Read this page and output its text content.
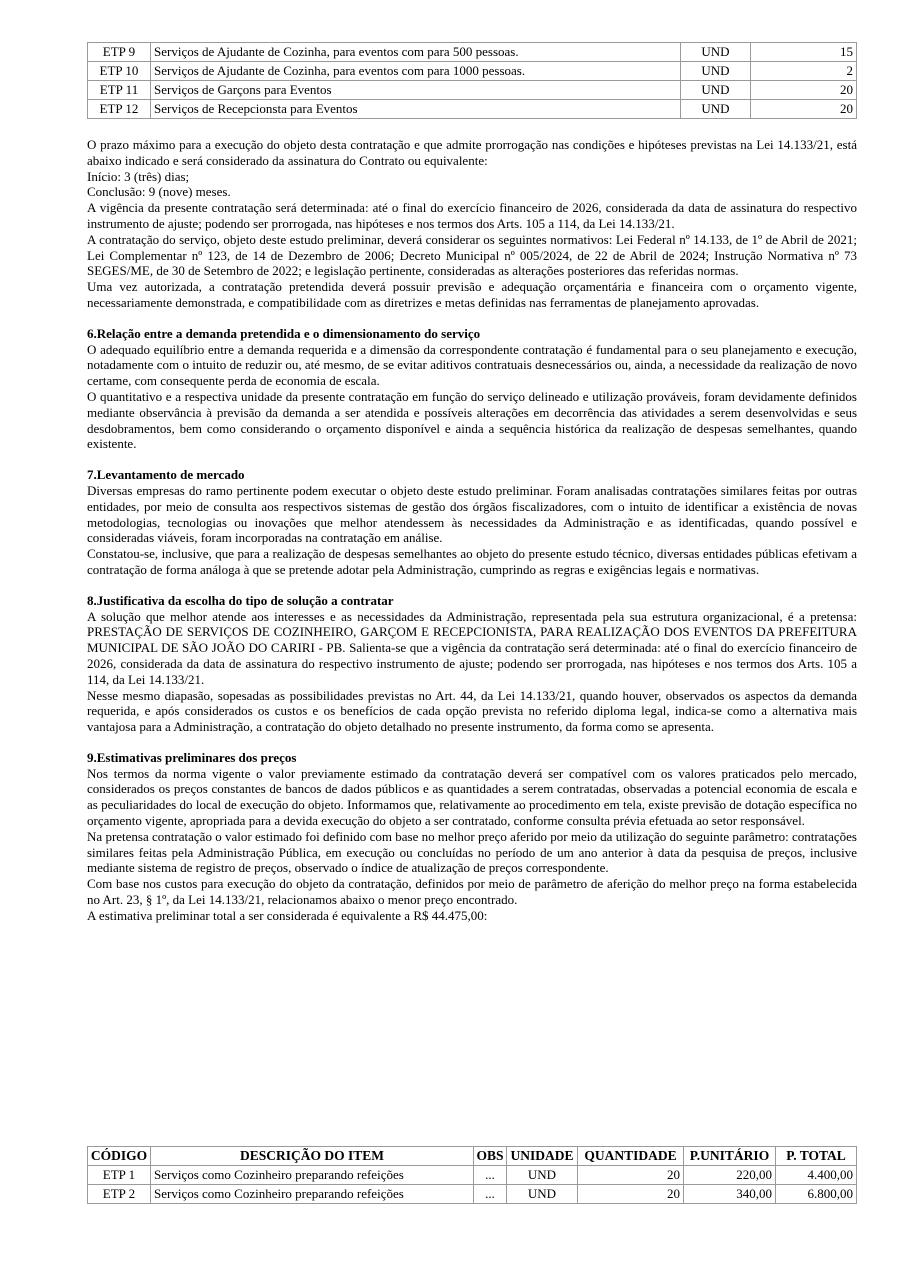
ETP 9	Serviços de Ajudante de Cozinha, para eventos com para 500 pessoas.	UND	15
ETP 10	Serviços de Ajudante de Cozinha, para eventos com para 1000 pessoas.	UND	2
ETP 11	Serviços de Garçons para Eventos	UND	20
ETP 12	Serviços de Recepcionsta para Eventos	UND	20

O prazo máximo para a execução do objeto desta contratação e que admite prorrogação nas condições e hipóteses previstas na Lei 14.133/21, está abaixo indicado e será considerado da assinatura do Contrato ou equivalente:

Início: 3 (três) dias;

Conclusão: 9 (nove) meses.

A vigência da presente contratação será determinada: até o final do exercício financeiro de 2026, considerada da data de assinatura do respectivo instrumento de ajuste; podendo ser prorrogada, nas hipóteses e nos termos dos Arts. 105 a 114, da Lei 14.133/21.

A contratação do serviço, objeto deste estudo preliminar, deverá considerar os seguintes normativos: Lei Federal nº 14.133, de 1º de Abril de 2021; Lei Complementar nº 123, de 14 de Dezembro de 2006; Decreto Municipal nº 005/2024, de 22 de Abril de 2024; Instrução Normativa nº 73 SEGES/ME, de 30 de Setembro de 2022; e legislação pertinente, consideradas as alterações posteriores das referidas normas.

Uma vez autorizada, a contratação pretendida deverá possuir previsão e adequação orçamentária e financeira com o orçamento vigente, necessariamente demonstrada, e compatibilidade com as diretrizes e metas definidas nas ferramentas de planejamento aprovadas.

6.Relação entre a demanda pretendida e o dimensionamento do serviço

O adequado equilíbrio entre a demanda requerida e a dimensão da correspondente contratação é fundamental para o seu planejamento e execução, notadamente com o intuito de reduzir ou, até mesmo, de se evitar aditivos contratuais desnecessários ou, ainda, a necessidade da realização de novo certame, com consequente perda de economia de escala.

O quantitativo e a respectiva unidade da presente contratação em função do serviço delineado e utilização prováveis, foram devidamente definidos mediante observância à previsão da demanda a ser atendida e possíveis alterações em decorrência das atividades a serem desenvolvidas e seus desdobramentos, bem como considerando o orçamento disponível e ainda a sequência histórica da realização de despesas semelhantes, quando existente.

7.Levantamento de mercado

Diversas empresas do ramo pertinente podem executar o objeto deste estudo preliminar. Foram analisadas contratações similares feitas por outras entidades, por meio de consulta aos respectivos sistemas de gestão dos órgãos fiscalizadores, com o intuito de identificar a existência de novas metodologias, tecnologias ou inovações que melhor atendessem às necessidades da Administração e as identificadas, quando possível e consideradas viáveis, foram incorporadas na contratação em análise.

Constatou-se, inclusive, que para a realização de despesas semelhantes ao objeto do presente estudo técnico, diversas entidades públicas efetivam a contratação de forma análoga à que se pretende adotar pela Administração, cumprindo as regras e exigências legais e normativas.

8.Justificativa da escolha do tipo de solução a contratar

A solução que melhor atende aos interesses e as necessidades da Administração, representada pela sua estrutura organizacional, é a pretensa: PRESTAÇÃO DE SERVIÇOS DE COZINHEIRO, GARÇOM E RECEPCIONISTA, PARA REALIZAÇÃO DOS EVENTOS DA PREFEITURA MUNICIPAL DE SÃO JOÃO DO CARIRI - PB. Salienta-se que a vigência da contratação será determinada: até o final do exercício financeiro de 2026, considerada da data de assinatura do respectivo instrumento de ajuste; podendo ser prorrogada, nas hipóteses e nos termos dos Arts. 105 a 114, da Lei 14.133/21.

Nesse mesmo diapasão, sopesadas as possibilidades previstas no Art. 44, da Lei 14.133/21, quando houver, observados os aspectos da demanda requerida, e após considerados os custos e os benefícios de cada opção prevista no referido diploma legal, indica-se como a alternativa mais vantajosa para a Administração, a contratação do objeto detalhado no presente instrumento, da forma como se apresenta.

9.Estimativas preliminares dos preços

Nos termos da norma vigente o valor previamente estimado da contratação deverá ser compatível com os valores praticados pelo mercado, considerados os preços constantes de bancos de dados públicos e as quantidades a serem contratadas, observadas a potencial economia de escala e as peculiaridades do local de execução do objeto. Informamos que, relativamente ao procedimento em tela, existe previsão de dotação específica no orçamento vigente, apropriada para a devida execução do objeto a ser contratado, conforme consulta prévia efetuada ao setor responsável.

Na pretensa contratação o valor estimado foi definido com base no melhor preço aferido por meio da utilização do seguinte parâmetro: contratações similares feitas pela Administração Pública, em execução ou concluídas no período de um ano anterior à data da pesquisa de preços, inclusive mediante sistema de registro de preços, observado o índice de atualização de preços correspondente.

Com base nos custos para execução do objeto da contratação, definidos por meio de parâmetro de aferição do melhor preço na forma estabelecida no Art. 23, § 1º, da Lei 14.133/21, relacionamos abaixo o menor preço encontrado.

A estimativa preliminar total a ser considerada é equivalente a R$ 44.475,00:

CÓDIGO	DESCRIÇÃO DO ITEM	OBS	UNIDADE	QUANTIDADE	P.UNITÁRIO	P. TOTAL
ETP 1	Serviços como Cozinheiro preparando refeições	...	UND	20	220,00	4.400,00
ETP 2	Serviços como Cozinheiro preparando refeições	...	UND	20	340,00	6.800,00
